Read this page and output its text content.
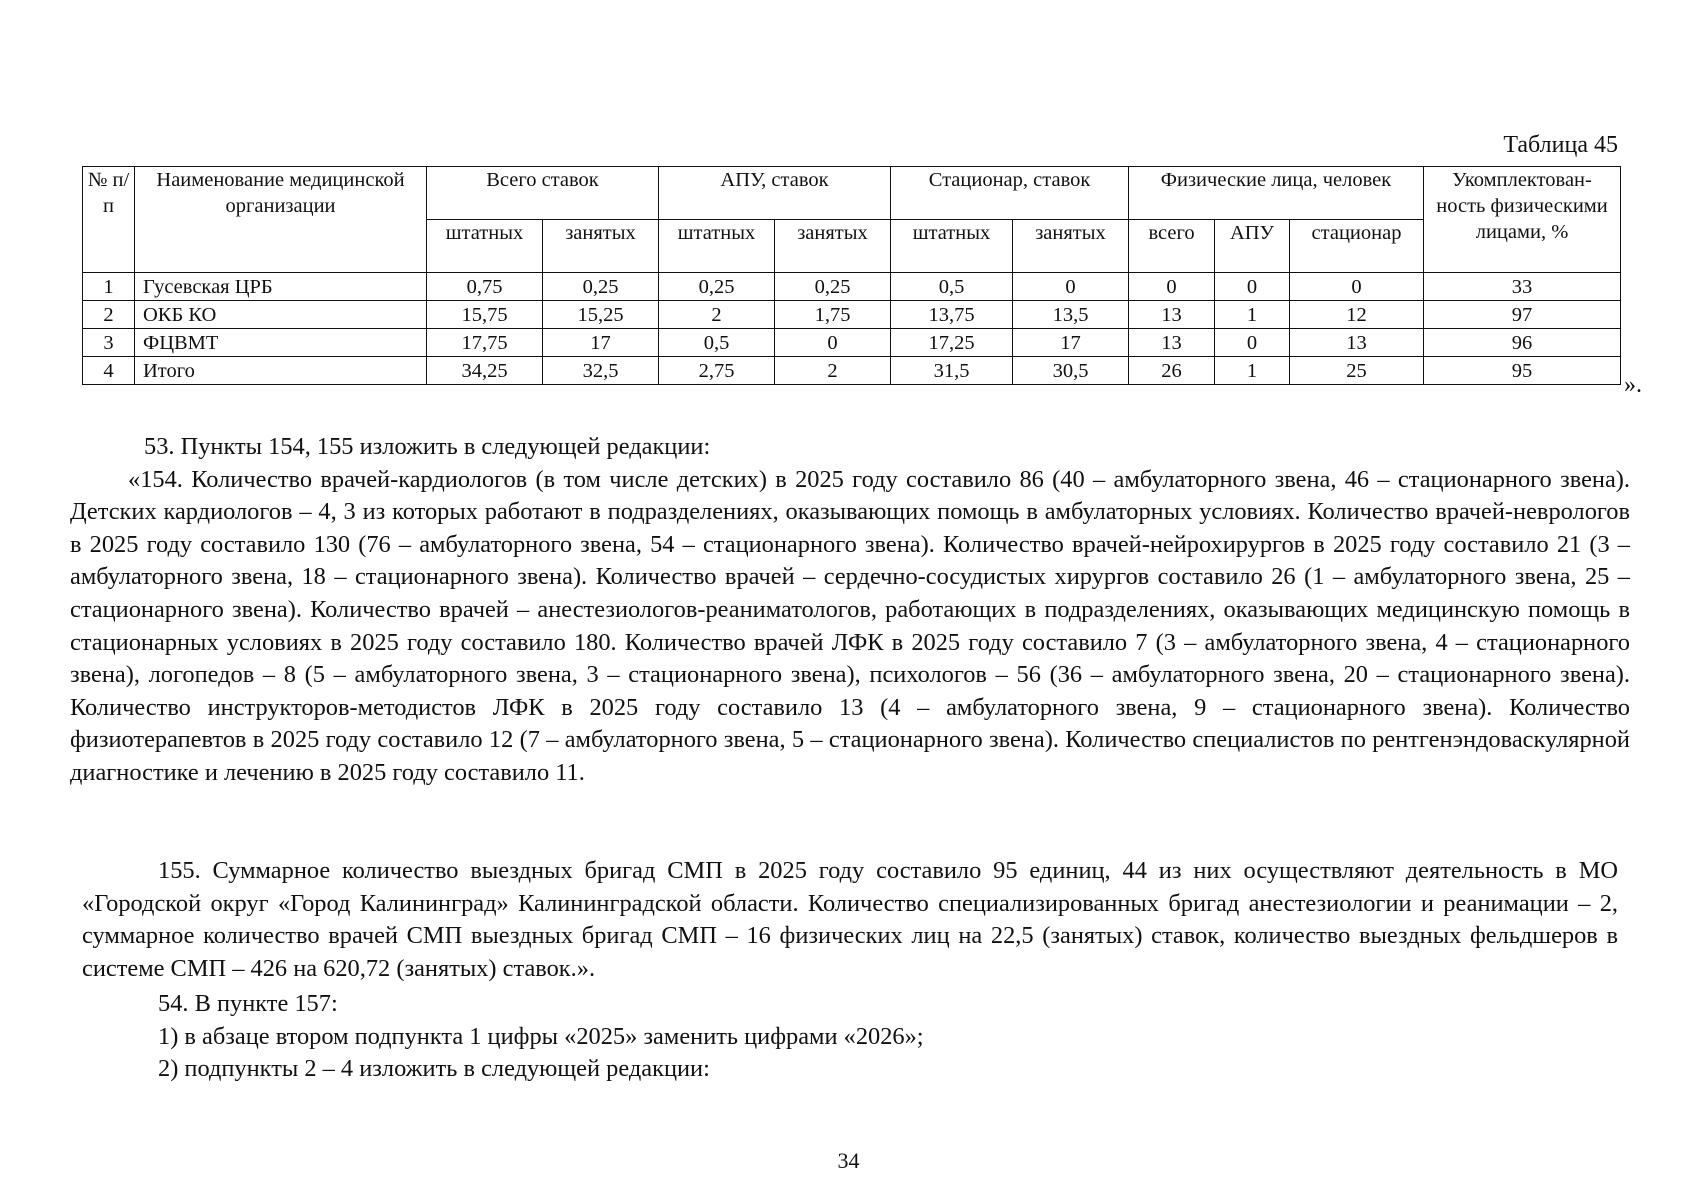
Таблица 45
№ п/п	Наименование медицинской организации	Всего ставок		АПУ, ставок		Стационар, ставок		Физические лица, человек			Укомплектован-ность физическими лицами, %
		штатных	занятых	штатных	занятых	штатных	занятых	всего	АПУ	стационар	
1	Гусевская ЦРБ	0,75	0,25	0,25	0,25	0,5	0	0	0	0	33
2	ОКБ КО	15,75	15,25	2	1,75	13,75	13,5	13	1	12	97
3	ФЦВМТ	17,75	17	0,5	0	17,25	17	13	0	13	96
4	Итого	34,25	32,5	2,75	2	31,5	30,5	26	1	25	95
».

53. Пункты 154, 155 изложить в следующей редакции:

«154. Количество врачей-кардиологов (в том числе детских) в 2025 году составило 86 (40 – амбулаторного звена, 46 – стационарного звена). Детских кардиологов – 4, 3 из которых работают в подразделениях, оказывающих помощь в амбулаторных условиях. Количество врачей-неврологов в 2025 году составило 130 (76 – амбулаторного звена, 54 – стационарного звена). Количество врачей-нейрохирургов в 2025 году составило 21 (3 – амбулаторного звена, 18 – стационарного звена). Количество врачей – сердечно-сосудистых хирургов составило 26 (1 – амбулаторного звена, 25 – стационарного звена). Количество врачей – анестезиологов-реаниматологов, работающих в подразделениях, оказывающих медицинскую помощь в стационарных условиях в 2025 году составило 180. Количество врачей ЛФК в 2025 году составило 7 (3 – амбулаторного звена, 4 – стационарного звена), логопедов – 8 (5 – амбулаторного звена, 3 – стационарного звена), психологов – 56 (36 – амбулаторного звена, 20 – стационарного звена). Количество инструкторов-методистов ЛФК в 2025 году составило 13 (4 – амбулаторного звена, 9 – стационарного звена). Количество физиотерапевтов в 2025 году составило 12 (7 – амбулаторного звена, 5 – стационарного звена). Количество специалистов по рентгенэндоваскулярной диагностике и лечению в 2025 году составило 11.

155. Суммарное количество выездных бригад СМП в 2025 году составило 95 единиц, 44 из них осуществляют деятельность в МО «Городской округ «Город Калининград» Калининградской области. Количество специализированных бригад анестезиологии и реанимации – 2, суммарное количество врачей СМП выездных бригад СМП – 16 физических лиц на 22,5 (занятых) ставок, количество выездных фельдшеров в системе СМП – 426 на 620,72 (занятых) ставок.».

54. В пункте 157:

1) в абзаце втором подпункта 1 цифры «2025» заменить цифрами «2026»;

2) подпункты 2 – 4 изложить в следующей редакции:

34
